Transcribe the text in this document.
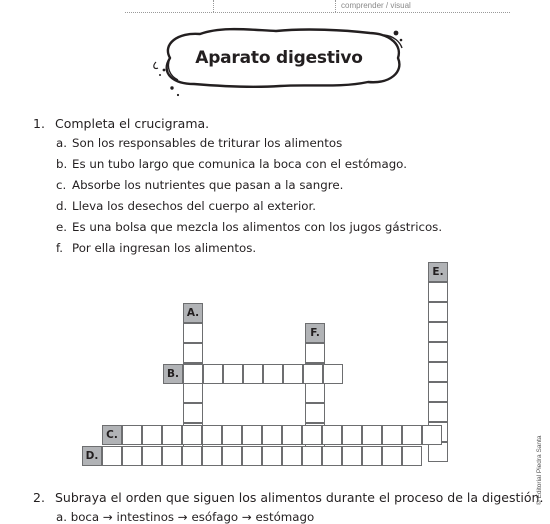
comprender / visual
Aparato digestivo
1. Completa el crucigrama.
a. Son los responsables de triturar los alimentos
b. Es un tubo largo que comunica la boca con el estómago.
c. Absorbe los nutrientes que pasan a la sangre.
d. Lleva los desechos del cuerpo al exterior.
e. Es una bolsa que mezcla los alimentos con los jugos gástricos.
f. Por ella ingresan los alimentos.
E.
A.
F.
B.
C.
D.
2. Subraya el orden que siguen los alimentos durante el proceso de la digestión.
a. boca → intestinos → esófago → estómago
© Editorial Piedra Santa
